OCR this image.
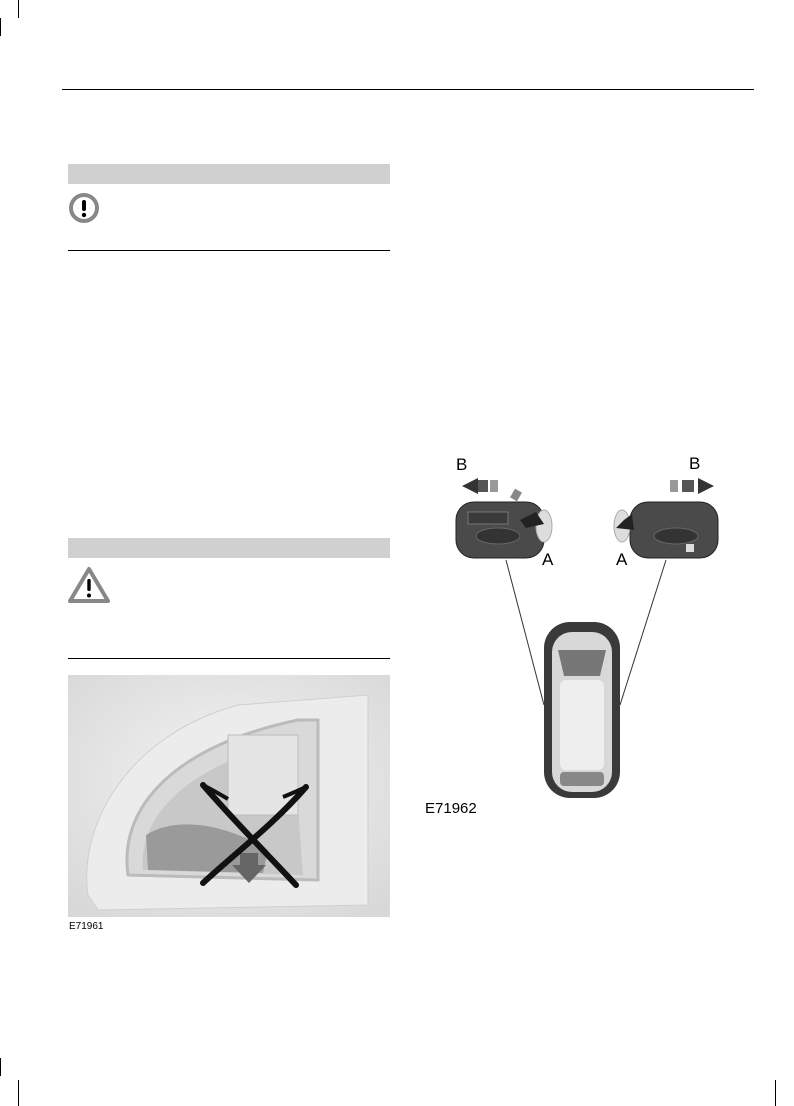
E71961
B	B
A	A
E71962
